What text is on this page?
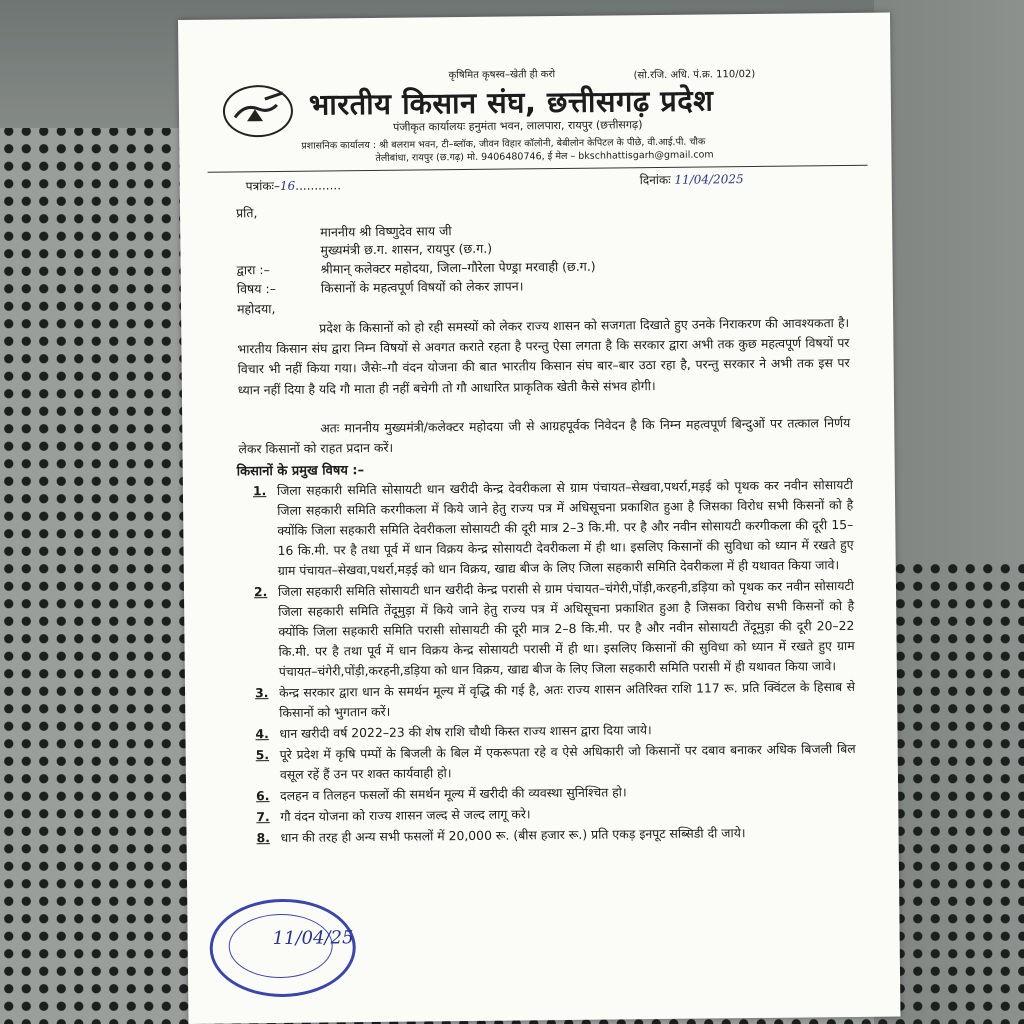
कृषिमित कृषस्व–खेती ही करो	(सो.रजि. अधि. पं.क्र. 110/02)
भारतीय किसान संघ, छत्तीसगढ़ प्रदेश
पंजीकृत कार्यालयः हनुमंता भवन, लालपारा, रायपुर (छत्तीसगढ़)
प्रशासनिक कार्यालय : श्री बलराम भवन, टी–ब्लॉक, जीवन विहार कॉलोनी, बेबीलोन केपिटल के पीछे, वी.आई.पी. चौक
तेलीबांधा, रायपुर (छ.गढ़) मो. 9406480746, ई मेल – bkschhattisgarh@gmail.com
पत्रांकः–16............	दिनांकः 11/04/2025
प्रति,
माननीय श्री विष्णुदेव साय जी
मुख्यमंत्री छ.ग. शासन, रायपुर (छ.ग.)
द्वारा :–	श्रीमान् कलेक्टर महोदया, जिला–गौरेला पेण्ड्रा मरवाही (छ.ग.)
विषय :–	किसानों के महत्वपूर्ण विषयों को लेकर ज्ञापन।
महोदया,
प्रदेश के किसानों को हो रही समस्यों को लेकर राज्य शासन को सजगता दिखाते हुए उनके निराकरण की आवश्यकता है। भारतीय किसान संघ द्वारा निम्न विषयों से अवगत कराते रहता है परन्तु ऐसा लगता है कि सरकार द्वारा अभी तक कुछ महत्वपूर्ण विषयों पर विचार भी नहीं किया गया। जैसेः–गौ वंदन योजना की बात भारतीय किसान संघ बार–बार उठा रहा है, परन्तु सरकार ने अभी तक इस पर ध्यान नहीं दिया है यदि गौ माता ही नहीं बचेगी तो गौ आधारित प्राकृतिक खेती कैसे संभव होगी।
अतः माननीय मुख्यमंत्री/कलेक्टर महोदया जी से आग्रहपूर्वक निवेदन है कि निम्न महत्वपूर्ण बिन्दुओं पर तत्काल निर्णय लेकर किसानों को राहत प्रदान करें।
किसानों के प्रमुख विषय :–
1. जिला सहकारी समिति सोसायटी धान खरीदी केन्द्र देवरीकला से ग्राम पंचायत–सेखवा,पथर्रा,मड़ई को पृथक कर नवीन सोसायटी जिला सहकारी समिति करगीकला में किये जाने हेतु राज्य पत्र में अधिसूचना प्रकाशित हुआ है जिसका विरोध सभी किसनों को है क्योंकि जिला सहकारी समिति देवरीकला सोसायटी की दूरी मात्र 2–3 कि.मी. पर है और नवीन सोसायटी करगीकला की दूरी 15–16 कि.मी. पर है तथा पूर्व में धान विक्रय केन्द्र सोसायटी देवरीकला में ही था। इसलिए किसानों की सुविधा को ध्यान में रखते हुए ग्राम पंचायत–सेखवा,पथर्रा,मड़ई को धान विक्रय, खाद्य बीज के लिए जिला सहकारी समिति देवरीकला में ही यथावत किया जावे।
2. जिला सहकारी समिति सोसायटी धान खरीदी केन्द्र परासी से ग्राम पंचायत–चंगेरी,पोंड़ी,करहनी,डड़िया को पृथक कर नवीन सोसायटी जिला सहकारी समिति तेंदूमुड़ा में किये जाने हेतु राज्य पत्र में अधिसूचना प्रकाशित हुआ है जिसका विरोध सभी किसनों को है क्योंकि जिला सहकारी समिति परासी सोसायटी की दूरी मात्र 2–8 कि.मी. पर है और नवीन सोसायटी तेंदूमुड़ा की दूरी 20–22 कि.मी. पर है तथा पूर्व में धान विक्रय केन्द्र सोसायटी परासी में ही था। इसलिए किसानों की सुविधा को ध्यान में रखते हुए ग्राम पंचायत–चंगेरी,पोंड़ी,करहनी,डड़िया को धान विक्रय, खाद्य बीज के लिए जिला सहकारी समिति परासी में ही यथावत किया जावे।
3. केन्द्र सरकार द्वारा धान के समर्थन मूल्य में वृद्धि की गई है, अतः राज्य शासन अतिरिक्त राशि 117 रू. प्रति क्विंटल के हिसाब से किसानों को भुगतान करें।
4. धान खरीदी वर्ष 2022–23 की शेष राशि चौथी किस्त राज्य शासन द्वारा दिया जाये।
5. पूरे प्रदेश में कृषि पम्पों के बिजली के बिल में एकरूपता रहे व ऐसे अधिकारी जो किसानों पर दबाव बनाकर अधिक बिजली बिल वसूल रहें हैं उन पर शक्त कार्यवाही हो।
6. दलहन व तिलहन फसलों की समर्थन मूल्य में खरीदी की व्यवस्था सुनिश्चित हो।
7. गौ वंदन योजना को राज्य शासन जल्द से जल्द लागू करे।
8. धान की तरह ही अन्य सभी फसलों में 20,000 रू. (बीस हजार रू.) प्रति एकड़ इनपूट सब्सिडी दी जाये।
11/04/25
